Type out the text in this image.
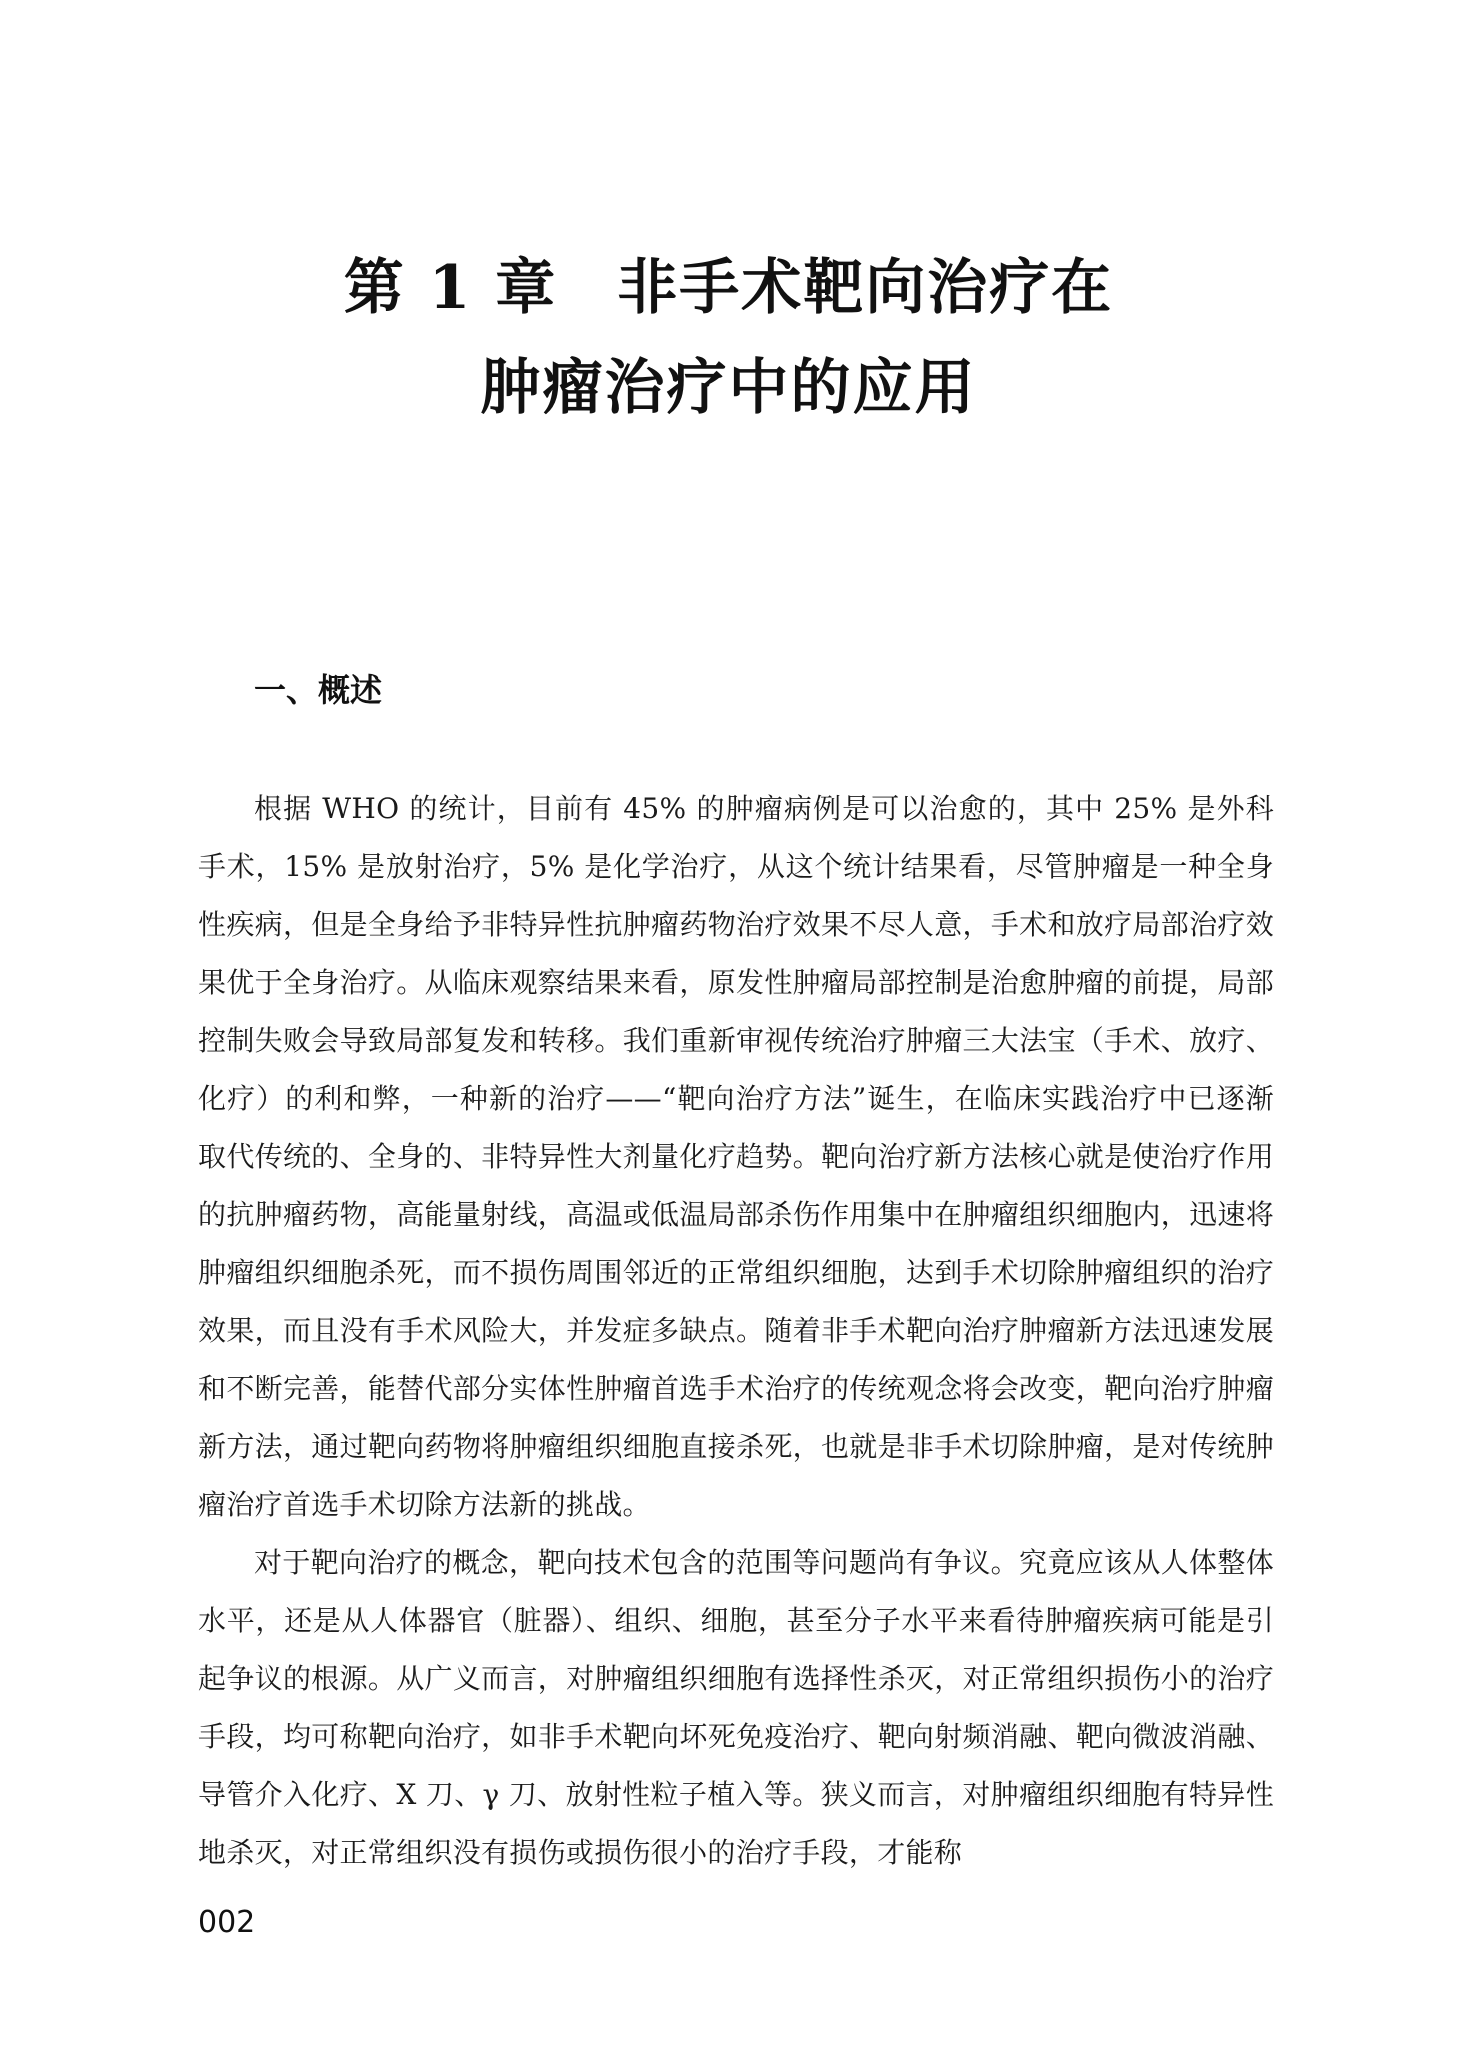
第 1 章 非手术靶向治疗在
肿瘤治疗中的应用
一、概述

根据 WHO 的统计，目前有 45% 的肿瘤病例是可以治愈的，其中 25% 是外科手术，15% 是放射治疗，5% 是化学治疗，从这个统计结果看，尽管肿瘤是一种全身性疾病，但是全身给予非特异性抗肿瘤药物治疗效果不尽人意，手术和放疗局部治疗效果优于全身治疗。从临床观察结果来看，原发性肿瘤局部控制是治愈肿瘤的前提，局部控制失败会导致局部复发和转移。我们重新审视传统治疗肿瘤三大法宝（手术、放疗、化疗）的利和弊，一种新的治疗——“靶向治疗方法”诞生，在临床实践治疗中已逐渐取代传统的、全身的、非特异性大剂量化疗趋势。靶向治疗新方法核心就是使治疗作用的抗肿瘤药物，高能量射线，高温或低温局部杀伤作用集中在肿瘤组织细胞内，迅速将肿瘤组织细胞杀死，而不损伤周围邻近的正常组织细胞，达到手术切除肿瘤组织的治疗效果，而且没有手术风险大，并发症多缺点。随着非手术靶向治疗肿瘤新方法迅速发展和不断完善，能替代部分实体性肿瘤首选手术治疗的传统观念将会改变，靶向治疗肿瘤新方法，通过靶向药物将肿瘤组织细胞直接杀死，也就是非手术切除肿瘤，是对传统肿瘤治疗首选手术切除方法新的挑战。

对于靶向治疗的概念，靶向技术包含的范围等问题尚有争议。究竟应该从人体整体水平，还是从人体器官（脏器）、组织、细胞，甚至分子水平来看待肿瘤疾病可能是引起争议的根源。从广义而言，对肿瘤组织细胞有选择性杀灭，对正常组织损伤小的治疗手段，均可称靶向治疗，如非手术靶向坏死免疫治疗、靶向射频消融、靶向微波消融、导管介入化疗、X 刀、γ 刀、放射性粒子植入等。狭义而言，对肿瘤组织细胞有特异性地杀灭，对正常组织没有损伤或损伤很小的治疗手段，才能称

002
